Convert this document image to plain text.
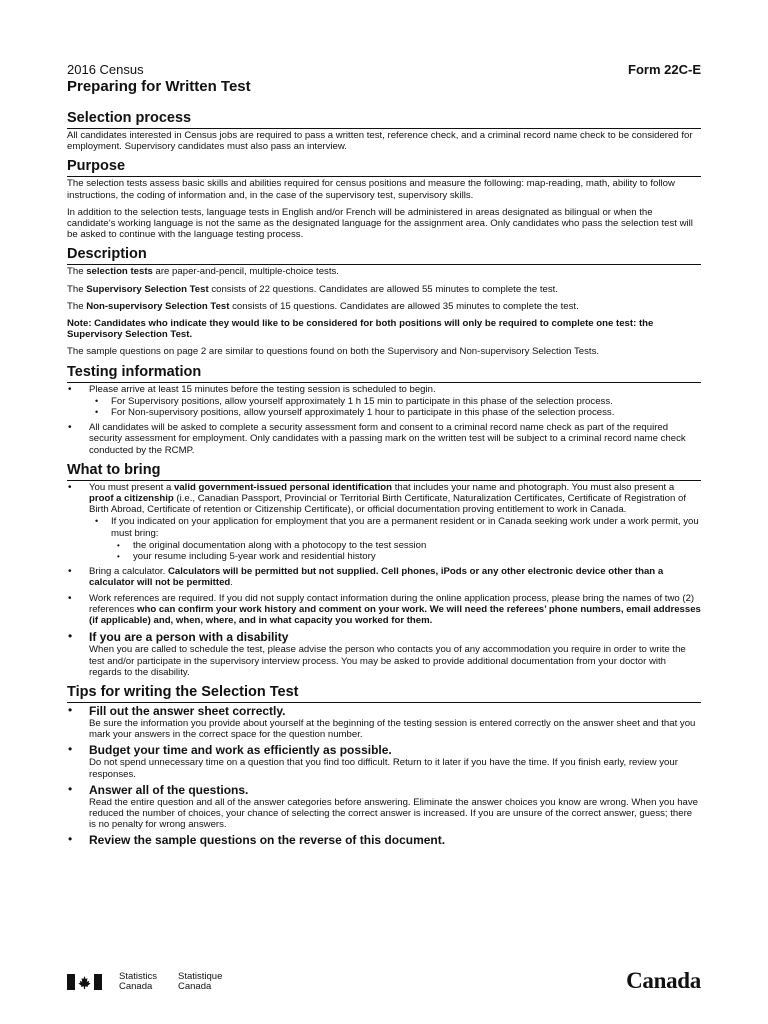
2016 Census	Form 22C-E
Preparing for Written Test
Selection process

All candidates interested in Census jobs are required to pass a written test, reference check, and a criminal record name check to be considered for employment. Supervisory candidates must also pass an interview.

Purpose

The selection tests assess basic skills and abilities required for census positions and measure the following: map-reading, math, ability to follow instructions, the coding of information and, in the case of the supervisory test, supervisory skills.

In addition to the selection tests, language tests in English and/or French will be administered in areas designated as bilingual or when the candidate’s working language is not the same as the designated language for the assignment area. Only candidates who pass the selection test will be asked to continue with the language testing process.

Description

The selection tests are paper-and-pencil, multiple-choice tests.

The Supervisory Selection Test consists of 22 questions. Candidates are allowed 55 minutes to complete the test.

The Non-supervisory Selection Test consists of 15 questions. Candidates are allowed 35 minutes to complete the test.

Note: Candidates who indicate they would like to be considered for both positions will only be required to complete one test: the Supervisory Selection Test.

The sample questions on page 2 are similar to questions found on both the Supervisory and Non-supervisory Selection Tests.

Testing information
• Please arrive at least 15 minutes before the testing session is scheduled to begin.
• For Supervisory positions, allow yourself approximately 1 h 15 min to participate in this phase of the selection process.
• For Non-supervisory positions, allow yourself approximately 1 hour to participate in this phase of the selection process.
• All candidates will be asked to complete a security assessment form and consent to a criminal record name check as part of the required security assessment for employment. Only candidates with a passing mark on the written test will be subject to a criminal record name check conducted by the RCMP.
What to bring
• You must present a valid government-issued personal identification that includes your name and photograph. You must also present a proof a citizenship (i.e., Canadian Passport, Provincial or Territorial Birth Certificate, Naturalization Certificates, Certificate of Registration of Birth Abroad, Certificate of retention or Citizenship Certificate), or official documentation proving entitlement to work in Canada.
• If you indicated on your application for employment that you are a permanent resident or in Canada seeking work under a work permit, you must bring:
• the original documentation along with a photocopy to the test session
• your resume including 5-year work and residential history
• Bring a calculator. Calculators will be permitted but not supplied. Cell phones, iPods or any other electronic device other than a calculator will not be permitted.
• Work references are required. If you did not supply contact information during the online application process, please bring the names of two (2) references who can confirm your work history and comment on your work. We will need the referees’ phone numbers, email addresses (if applicable) and, when, where, and in what capacity you worked for them.
• If you are a person with a disability
When you are called to schedule the test, please advise the person who contacts you of any accommodation you require in order to write the test and/or participate in the supervisory interview process. You may be asked to provide additional documentation from your doctor with regards to the disability.
Tips for writing the Selection Test
• Fill out the answer sheet correctly.
Be sure the information you provide about yourself at the beginning of the testing session is entered correctly on the answer sheet and that you mark your answers in the correct space for the question number.
• Budget your time and work as efficiently as possible.
Do not spend unnecessary time on a question that you find too difficult. Return to it later if you have the time. If you finish early, review your responses.
• Answer all of the questions.
Read the entire question and all of the answer categories before answering. Eliminate the answer choices you know are wrong. When you have reduced the number of choices, your chance of selecting the correct answer is increased. If you are unsure of the correct answer, guess; there is no penalty for wrong answers.
• Review the sample questions on the reverse of this document.
Statistics
Canada
Statistique
Canada	Canada
